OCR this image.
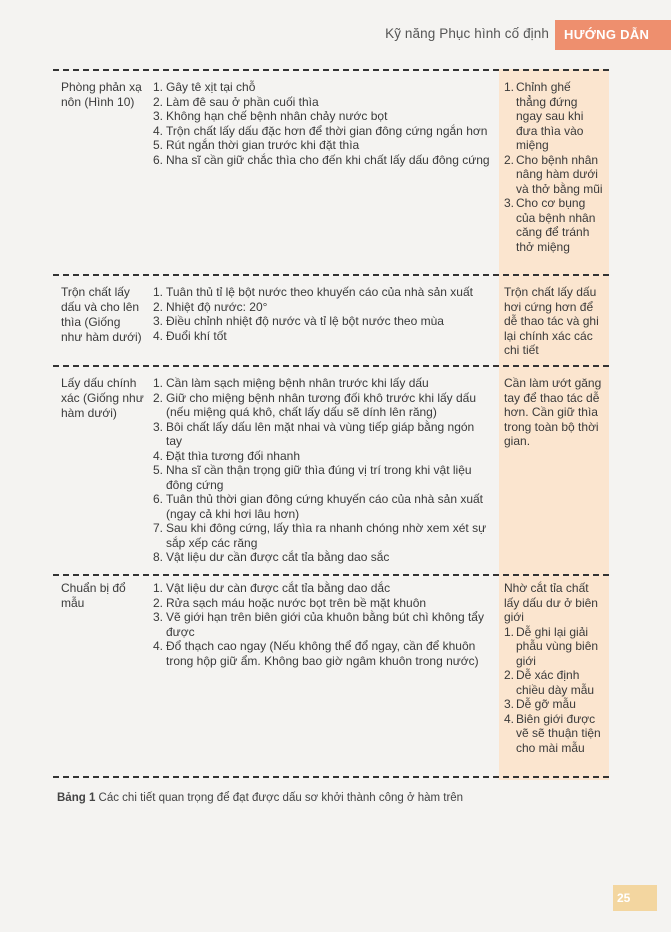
Kỹ năng Phục hình cố định	HƯỚNG DẪN
Phòng phản xạ nôn (Hình 10)
1. Gây tê xịt tại chỗ
2. Làm đê sau ở phần cuối thìa
3. Không hạn chế bệnh nhân chảy nước bọt
4. Trộn chất lấy dấu đặc hơn để thời gian đông cứng ngắn hơn
5. Rút ngắn thời gian trước khi đặt thìa
6. Nha sĩ cần giữ chắc thìa cho đến khi chất lấy dấu đông cứng
1. Chỉnh ghế thẳng đứng ngay sau khi đưa thìa vào miệng
2. Cho bệnh nhân nâng hàm dưới và thở bằng mũi
3. Cho cơ bụng của bệnh nhân căng để tránh thở miệng
Trộn chất lấy dấu và cho lên thìa (Giống như hàm dưới)
1. Tuân thủ tỉ lệ bột nước theo khuyến cáo của nhà sản xuất
2. Nhiệt độ nước: 20°
3. Điều chỉnh nhiệt độ nước và tỉ lệ bột nước theo mùa
4. Đuổi khí tốt
Trộn chất lấy dấu hơi cứng hơn để dễ thao tác và ghi lại chính xác các chi tiết
Lấy dấu chính xác (Giống như hàm dưới)
1. Cần làm sạch miệng bệnh nhân trước khi lấy dấu
2. Giữ cho miệng bệnh nhân tương đối khô trước khi lấy dấu (nếu miệng quá khô, chất lấy dấu sẽ dính lên răng)
3. Bôi chất lấy dấu lên mặt nhai và vùng tiếp giáp bằng ngón tay
4. Đặt thìa tương đối nhanh
5. Nha sĩ cần thận trọng giữ thìa đúng vị trí trong khi vật liệu đông cứng
6. Tuân thủ thời gian đông cứng khuyến cáo của nhà sản xuất (ngay cả khi hơi lâu hơn)
7. Sau khi đông cứng, lấy thìa ra nhanh chóng nhờ xem xét sự sắp xếp các răng
8. Vật liệu dư cần được cắt tỉa bằng dao sắc
Cần làm ướt găng tay để thao tác dễ hơn. Cần giữ thìa trong toàn bộ thời gian.
Chuẩn bị đổ mẫu
1. Vật liệu dư càn được cắt tỉa bằng dao dắc
2. Rửa sạch máu hoặc nước bọt trên bề mặt khuôn
3. Vẽ giới hạn trên biên giới của khuôn bằng bút chì không tẩy được
4. Đổ thạch cao ngay (Nếu không thể đổ ngay, cần để khuôn trong hộp giữ ẩm. Không bao giờ ngâm khuôn trong nước)
Nhờ cắt tỉa chất lấy dấu dư ở biên giới
1. Dễ ghi lại giải phẫu vùng biên giới
2. Dễ xác định chiều dày mẫu
3. Dễ gỡ mẫu
4. Biên giới được vẽ sẽ thuận tiện cho mài mẫu
Bảng 1 Các chi tiết quan trọng để đạt được dấu sơ khởi thành công ở hàm trên
25
